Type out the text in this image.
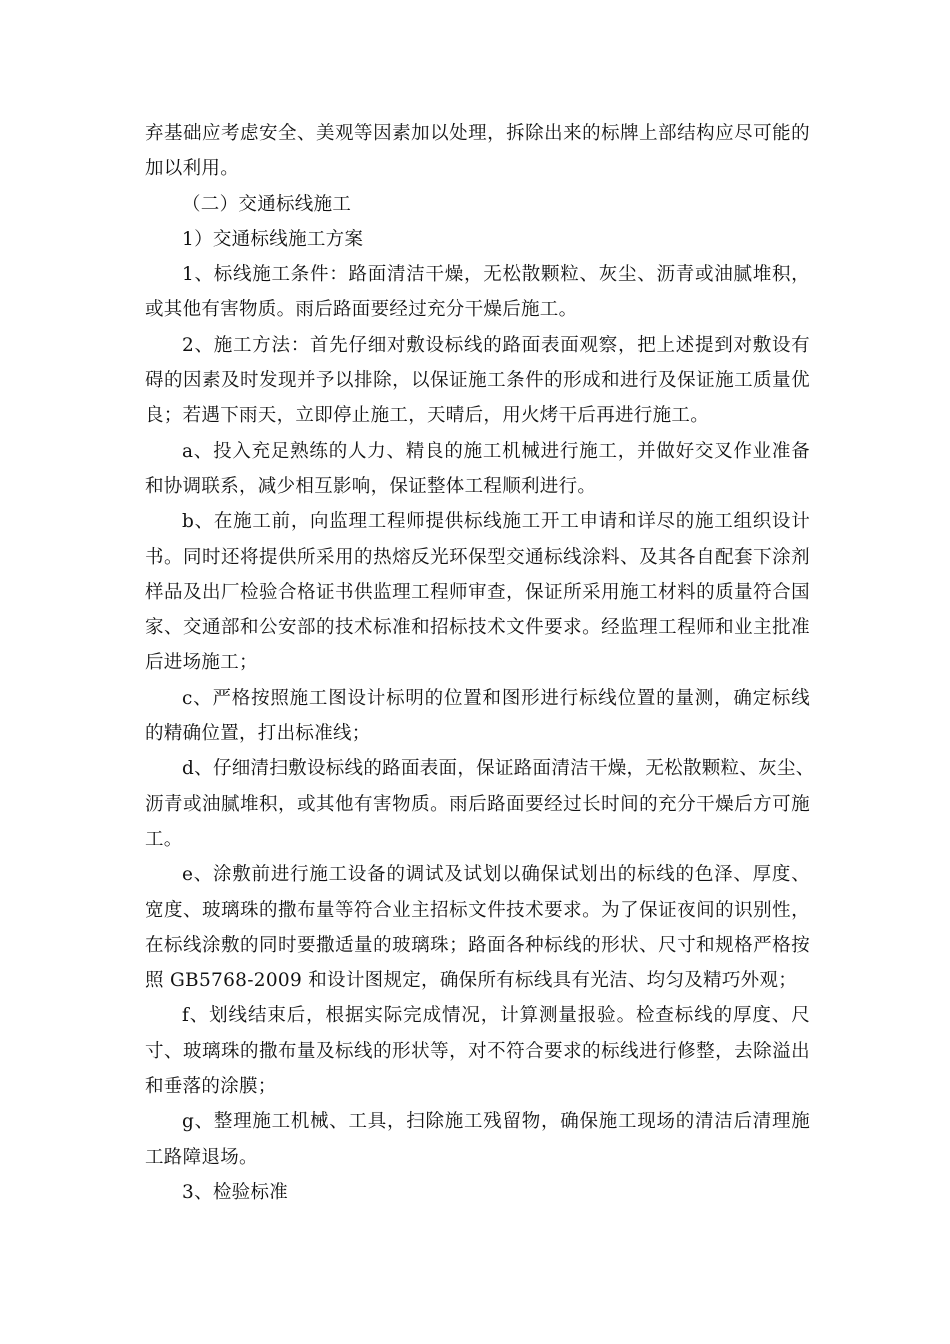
弃基础应考虑安全、美观等因素加以处理，拆除出来的标牌上部结构应尽可能的
加以利用。
（二）交通标线施工
1）交通标线施工方案
1、标线施工条件：路面清洁干燥，无松散颗粒、灰尘、沥青或油腻堆积，
或其他有害物质。雨后路面要经过充分干燥后施工。
2、施工方法：首先仔细对敷设标线的路面表面观察，把上述提到对敷设有
碍的因素及时发现并予以排除，以保证施工条件的形成和进行及保证施工质量优
良；若遇下雨天，立即停止施工，天晴后，用火烤干后再进行施工。
a、投入充足熟练的人力、精良的施工机械进行施工，并做好交叉作业准备
和协调联系，减少相互影响，保证整体工程顺利进行。
b、在施工前，向监理工程师提供标线施工开工申请和详尽的施工组织设计
书。同时还将提供所采用的热熔反光环保型交通标线涂料、及其各自配套下涂剂
样品及出厂检验合格证书供监理工程师审查，保证所采用施工材料的质量符合国
家、交通部和公安部的技术标准和招标技术文件要求。经监理工程师和业主批准
后进场施工；
c、严格按照施工图设计标明的位置和图形进行标线位置的量测，确定标线
的精确位置，打出标准线；
d、仔细清扫敷设标线的路面表面，保证路面清洁干燥，无松散颗粒、灰尘、
沥青或油腻堆积，或其他有害物质。雨后路面要经过长时间的充分干燥后方可施
工。
e、涂敷前进行施工设备的调试及试划以确保试划出的标线的色泽、厚度、
宽度、玻璃珠的撒布量等符合业主招标文件技术要求。为了保证夜间的识别性，
在标线涂敷的同时要撒适量的玻璃珠；路面各种标线的形状、尺寸和规格严格按
照 GB5768-2009 和设计图规定，确保所有标线具有光洁、均匀及精巧外观；
f、划线结束后，根据实际完成情况，计算测量报验。检查标线的厚度、尺
寸、玻璃珠的撒布量及标线的形状等，对不符合要求的标线进行修整，去除溢出
和垂落的涂膜；
g、整理施工机械、工具，扫除施工残留物，确保施工现场的清洁后清理施
工路障退场。
3、检验标准
